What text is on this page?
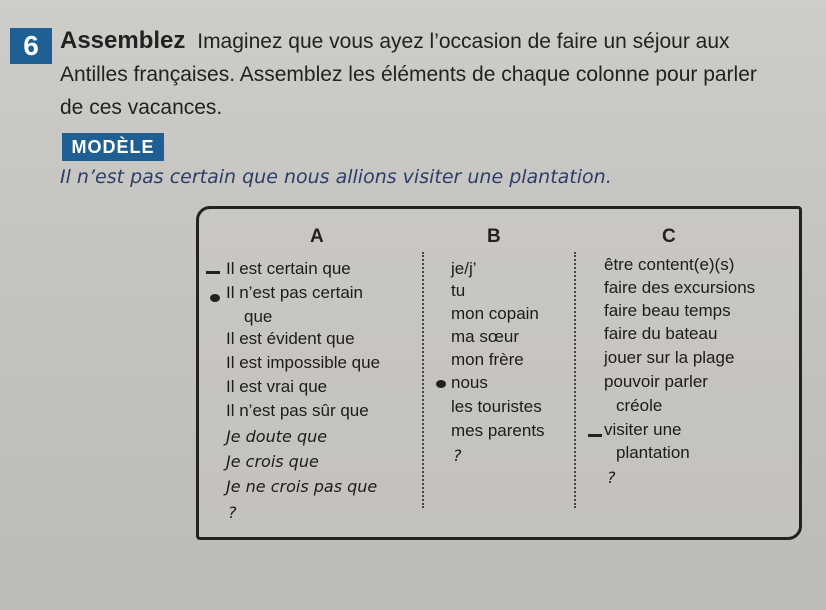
6 Assemblez Imaginez que vous ayez l’occasion de faire un séjour aux
Antilles françaises. Assemblez les éléments de chaque colonne pour parler
de ces vacances.
MODÈLE
Il n’est pas certain que nous allions visiter une plantation.
A	B	C
Il est certain que
Il n’est pas certain
que
Il est évident que
Il est impossible que
Il est vrai que
Il n’est pas sûr que
Je doute que
Je crois que
Je ne crois pas que
?
je/j’
tu
mon copain
ma sœur
mon frère
nous
les touristes
mes parents
?
être content(e)(s)
faire des excursions
faire beau temps
faire du bateau
jouer sur la plage
pouvoir parler
créole
visiter une
plantation
?
